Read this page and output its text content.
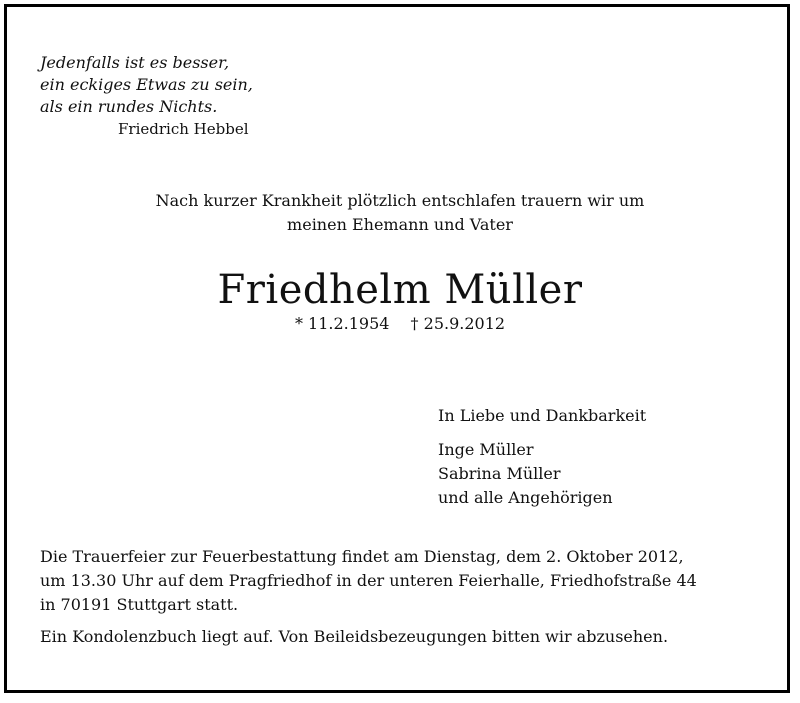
Jedenfalls ist es besser,
ein eckiges Etwas zu sein,
als ein rundes Nichts.
Friedrich Hebbel
Nach kurzer Krankheit plötzlich entschlafen trauern wir um
meinen Ehemann und Vater
Friedhelm Müller
* 11.2.1954 † 25.9.2012
In Liebe und Dankbarkeit
Inge Müller
Sabrina Müller
und alle Angehörigen
Die Trauerfeier zur Feuerbestattung findet am Dienstag, dem 2. Oktober 2012,
um 13.30 Uhr auf dem Pragfriedhof in der unteren Feierhalle, Friedhofstraße 44
in 70191 Stuttgart statt.
Ein Kondolenzbuch liegt auf. Von Beileidsbezeugungen bitten wir abzusehen.
